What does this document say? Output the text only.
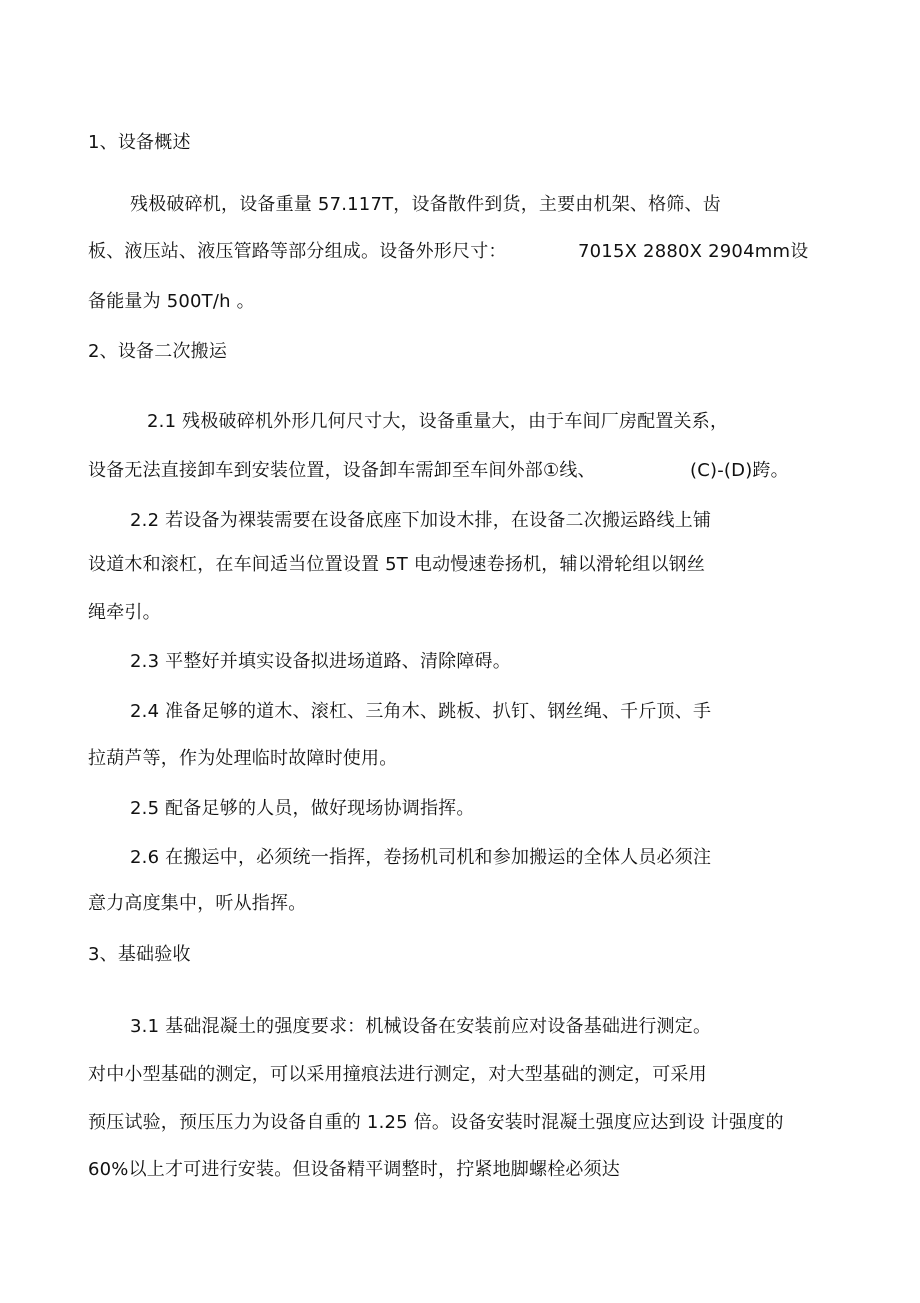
1、设备概述
残极破碎机，设备重量 57.117T，设备散件到货，主要由机架、格筛、齿
板、液压站、液压管路等部分组成。设备外形尺寸：	7015X 2880X 2904mm设
备能量为 500T/h 。
2、设备二次搬运
2.1 残极破碎机外形几何尺寸大，设备重量大，由于车间厂房配置关系，
设备无法直接卸车到安装位置，设备卸车需卸至车间外部①线、	(C)-(D)跨。
2.2 若设备为裸装需要在设备底座下加设木排，在设备二次搬运路线上铺
设道木和滚杠，在车间适当位置设置 5T 电动慢速卷扬机，辅以滑轮组以钢丝
绳牵引。
2.3 平整好并填实设备拟进场道路、清除障碍。
2.4 准备足够的道木、滚杠、三角木、跳板、扒钉、钢丝绳、千斤顶、手
拉葫芦等，作为处理临时故障时使用。
2.5 配备足够的人员，做好现场协调指挥。
2.6 在搬运中，必须统一指挥，卷扬机司机和参加搬运的全体人员必须注
意力高度集中，听从指挥。
3、基础验收
3.1 基础混凝土的强度要求：机械设备在安装前应对设备基础进行测定。
对中小型基础的测定，可以采用撞痕法进行测定，对大型基础的测定，可采用
预压试验，预压压力为设备自重的 1.25 倍。设备安装时混凝土强度应达到设 计强度的
60%以上才可进行安装。但设备精平调整时，拧紧地脚螺栓必须达
